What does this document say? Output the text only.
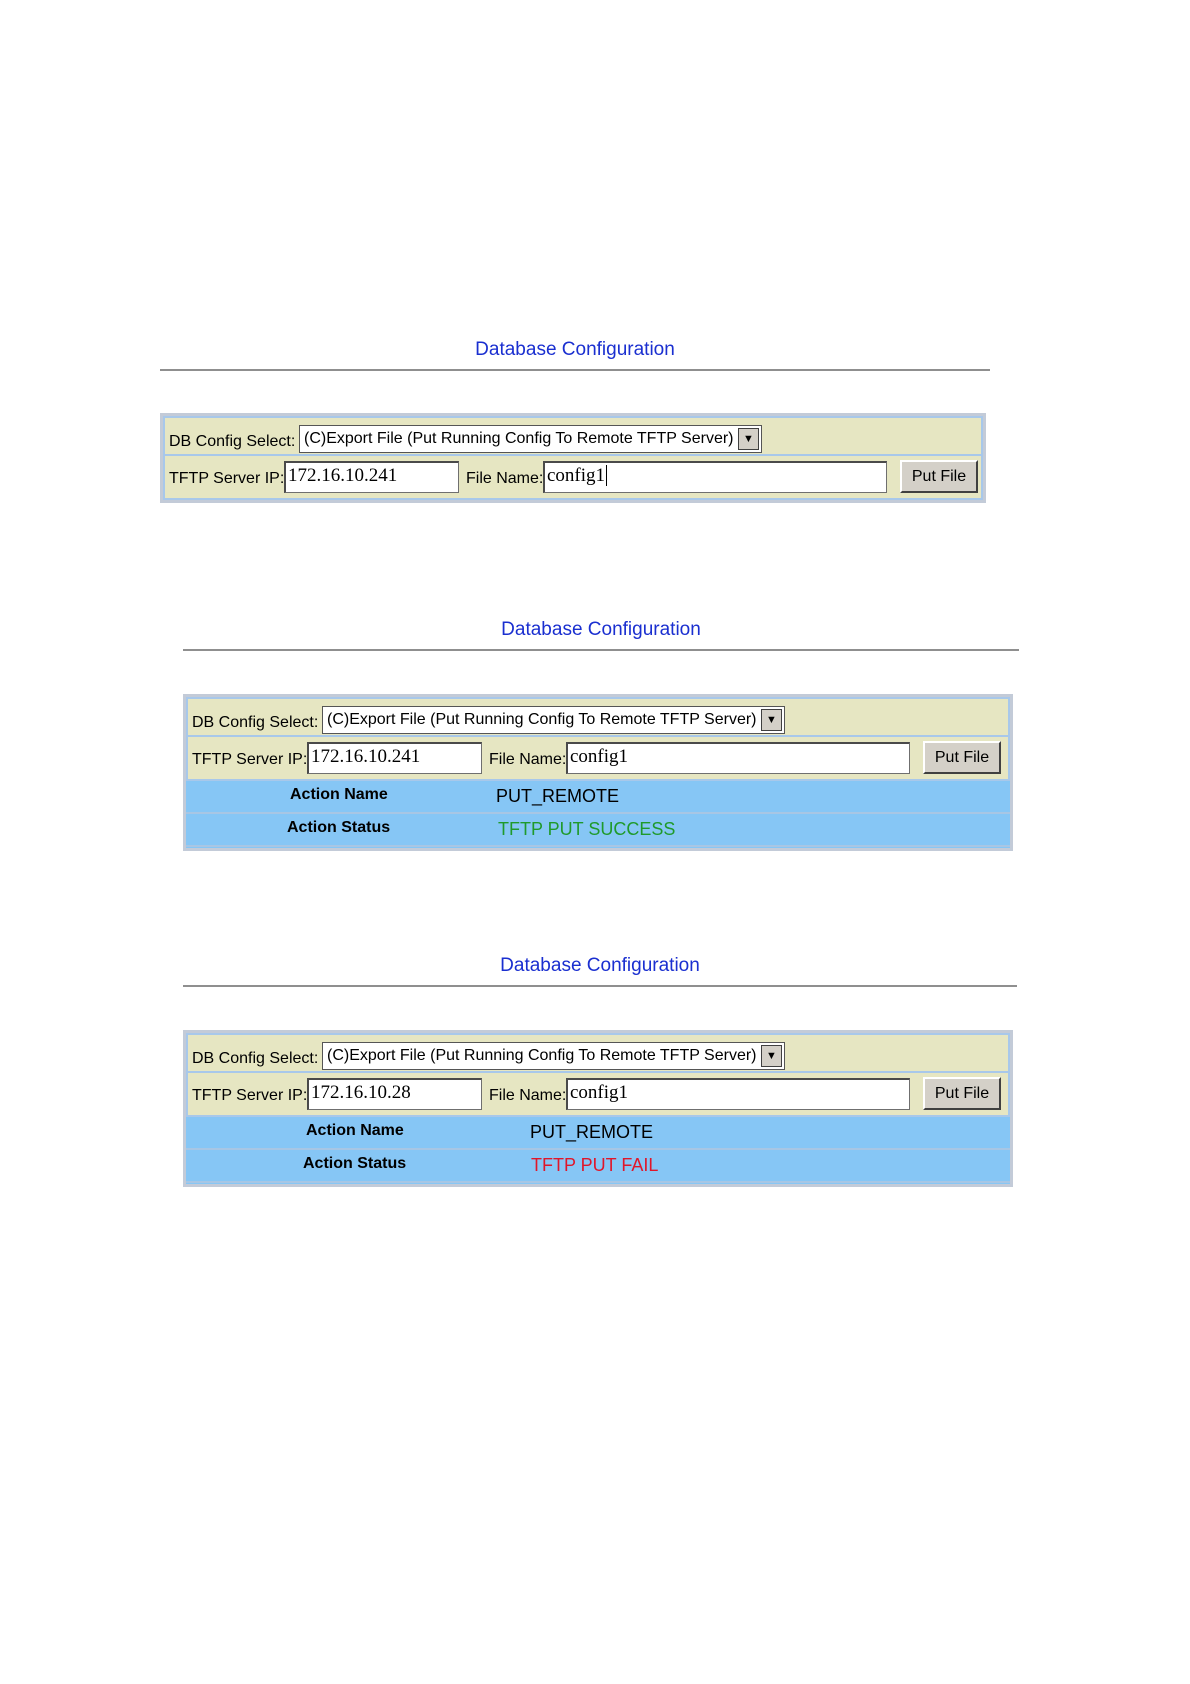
Database Configuration
DB Config Select: (C)Export File (Put Running Config To Remote TFTP Server) ▼
TFTP Server IP: 172.16.10.241	File Name: config1	Put File
Database Configuration
DB Config Select: (C)Export File (Put Running Config To Remote TFTP Server) ▼
TFTP Server IP: 172.16.10.241	File Name: config1	Put File
Action Name	PUT_REMOTE
Action Status	TFTP PUT SUCCESS
Database Configuration
DB Config Select: (C)Export File (Put Running Config To Remote TFTP Server) ▼
TFTP Server IP: 172.16.10.28	File Name: config1	Put File
Action Name	PUT_REMOTE
Action Status	TFTP PUT FAIL
